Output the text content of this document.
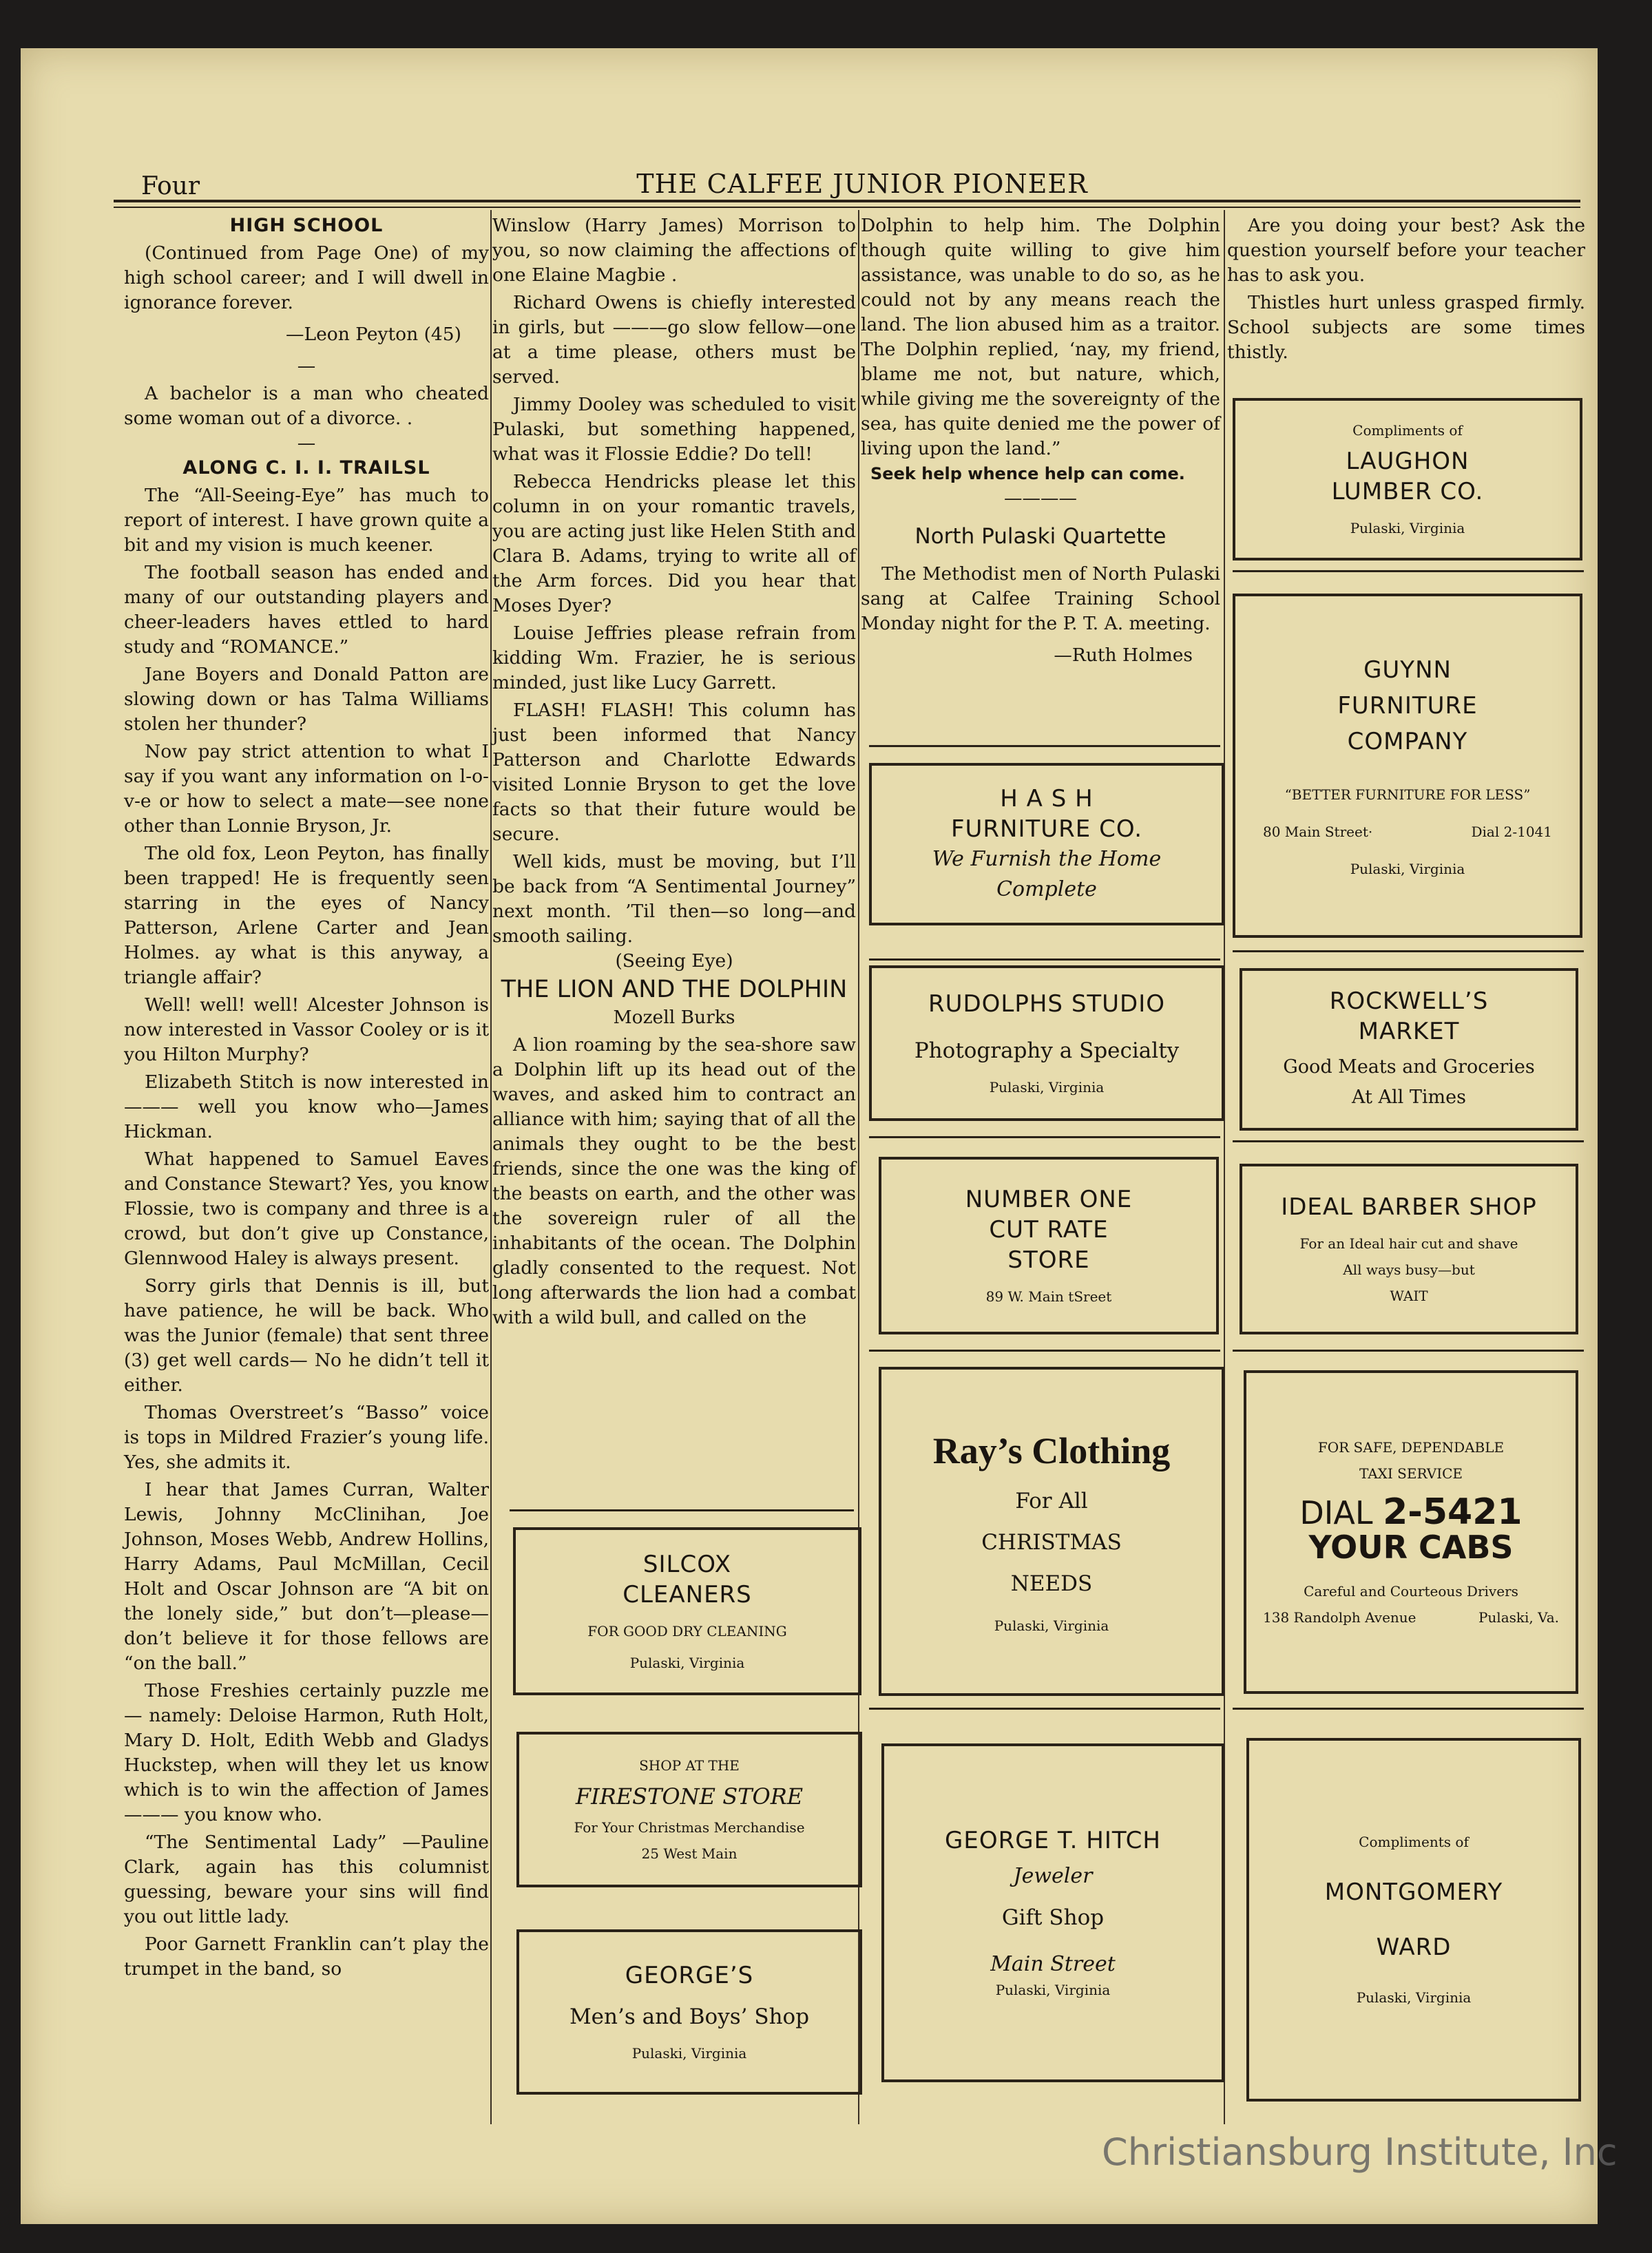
Four	THE CALFEE JUNIOR PIONEER

HIGH SCHOOL

(Continued from Page One) of my high school career; and I will dwell in ignorance forever.

—Leon Peyton (45)

—

A bachelor is a man who cheated some woman out of a divorce. .

—

ALONG C. I. I. TRAILSL

The “All-Seeing-Eye” has much to report of interest. I have grown quite a bit and my vision is much keener.

The football season has ended and many of our outstanding players and cheer-leaders haves ettled to hard study and “ROMANCE.”

Jane Boyers and Donald Patton are slowing down or has Talma Williams stolen her thunder?

Now pay strict attention to what I say if you want any information on l-o-v-e or how to select a mate—see none other than Lonnie Bryson, Jr.

The old fox, Leon Peyton, has finally been trapped! He is frequently seen starring in the eyes of Nancy Patterson, Arlene Carter and Jean Holmes. ay what is this anyway, a triangle affair?

Well! well! well! Alcester Johnson is now interested in Vassor Cooley or is it you Hilton Murphy?

Elizabeth Stitch is now interested in ——— well you know who—James Hickman.

What happened to Samuel Eaves and Constance Stewart? Yes, you know Flossie, two is company and three is a crowd, but don’t give up Constance, Glennwood Haley is always present.

Sorry girls that Dennis is ill, but have patience, he will be back. Who was the Junior (female) that sent three (3) get well cards— No he didn’t tell it either.

Thomas Overstreet’s “Basso” voice is tops in Mildred Frazier’s young life. Yes, she admits it.

I hear that James Curran, Walter Lewis, Johnny McClinihan, Joe Johnson, Moses Webb, Andrew Hollins, Harry Adams, Paul McMillan, Cecil Holt and Oscar Johnson are “A bit on the lonely side,” but don’t—please—don’t believe it for those fellows are “on the ball.”

Those Freshies certainly puzzle me — namely: Deloise Harmon, Ruth Holt, Mary D. Holt, Edith Webb and Gladys Huckstep, when will they let us know which is to win the affection of James ——— you know who.

“The Sentimental Lady” —Pauline Clark, again has this columnist guessing, beware your sins will find you out little lady.

Poor Garnett Franklin can’t play the trumpet in the band, so

Winslow (Harry James) Morrison to you, so now claiming the affections of one Elaine Magbie .

Richard Owens is chiefly interested in girls, but ———go slow fellow—one at a time please, others must be served.

Jimmy Dooley was scheduled to visit Pulaski, but something happened, what was it Flossie Eddie? Do tell!

Rebecca Hendricks please let this column in on your romantic travels, you are acting just like Helen Stith and Clara B. Adams, trying to write all of the Arm forces. Did you hear that Moses Dyer?

Louise Jeffries please refrain from kidding Wm. Frazier, he is serious minded, just like Lucy Garrett.

FLASH! FLASH! This column has just been informed that Nancy Patterson and Charlotte Edwards visited Lonnie Bryson to get the love facts so that their future would be secure.

Well kids, must be moving, but I’ll be back from “A Sentimental Journey” next month. ’Til then—so long—and smooth sailing.

(Seeing Eye)

THE LION AND THE DOLPHIN

Mozell Burks

A lion roaming by the sea-shore saw a Dolphin lift up its head out of the waves, and asked him to contract an alliance with him; saying that of all the animals they ought to be the best friends, since the one was the king of the beasts on earth, and the other was the sovereign ruler of all the inhabitants of the ocean. The Dolphin gladly consented to the request. Not long afterwards the lion had a combat with a wild bull, and called on the

Dolphin to help him. The Dolphin though quite willing to give him assistance, was unable to do so, as he could not by any means reach the land. The lion abused him as a traitor. The Dolphin replied, ‘nay, my friend, blame me not, but nature, which, while giving me the sovereignty of the sea, has quite denied me the power of living upon the land.”

Seek help whence help can come.

————

North Pulaski Quartette

The Methodist men of North Pulaski sang at Calfee Training School Monday night for the P. T. A. meeting.

—Ruth Holmes

Are you doing your best? Ask the question yourself before your teacher has to ask you.

Thistles hurt unless grasped firmly. School subjects are some times thistly.

Compliments of
LAUGHON
LUMBER CO.
Pulaski, Virginia
GUYNN
FURNITURE
COMPANY
“BETTER FURNITURE FOR LESS”
80 Main Street·	Dial 2-1041
Pulaski, Virginia
ROCKWELL’S
MARKET
Good Meats and Groceries
At All Times
IDEAL BARBER SHOP
For an Ideal hair cut and shave
All ways busy—but
WAIT
FOR SAFE, DEPENDABLE
TAXI SERVICE
DIAL 2-5421
YOUR CABS
Careful and Courteous Drivers
138 Randolph Avenue	Pulaski, Va.
Compliments of
MONTGOMERY
WARD
Pulaski, Virginia
H A S H
FURNITURE CO.
We Furnish the Home
Complete
RUDOLPHS STUDIO
Photography a Specialty
Pulaski, Virginia
NUMBER ONE
CUT RATE
STORE
89 W. Main tSreet
Ray’s Clothing
For All
CHRISTMAS
NEEDS
Pulaski, Virginia
GEORGE T. HITCH
Jeweler
Gift Shop
Main Street
Pulaski, Virginia
SILCOX
CLEANERS
FOR GOOD DRY CLEANING
Pulaski, Virginia
SHOP AT THE
FIRESTONE STORE
For Your Christmas Merchandise
25 West Main
GEORGE’S
Men’s and Boys’ Shop
Pulaski, Virginia
Christiansburg Institute, Inc
